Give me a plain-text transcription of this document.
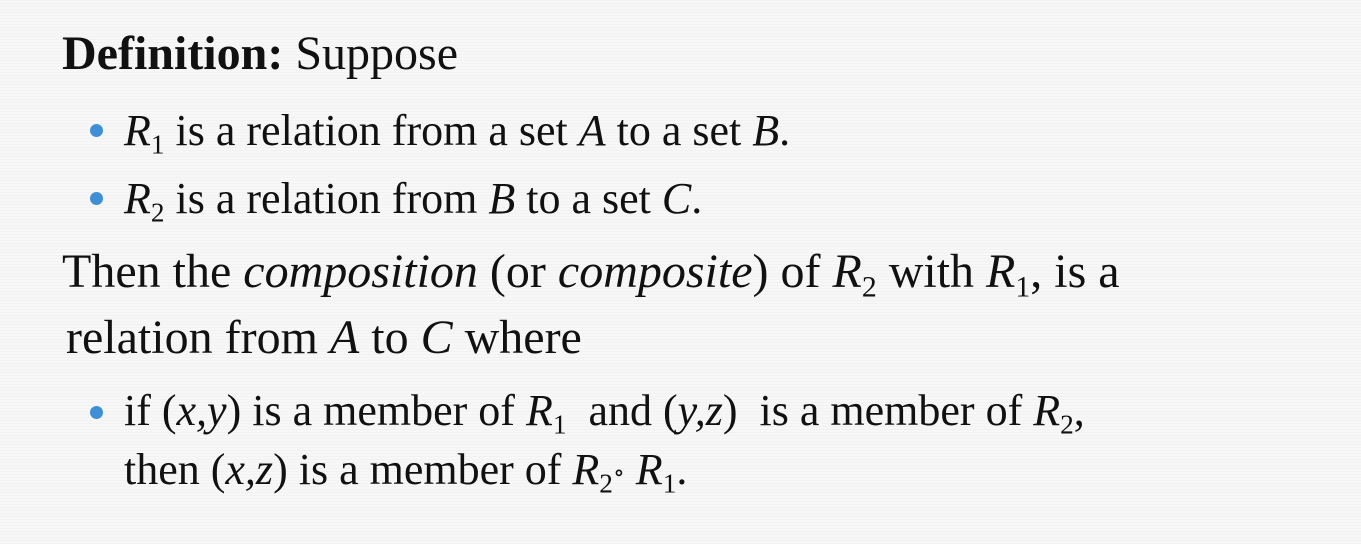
Definition: Suppose
$R_1$ is a relation from a set A to a set B.
$R_2$ is a relation from B to a set C.
Then the composition (or composite) of $R_2$ with $R_1$, is a
relation from A to C where
if (x,y) is a member of $R_1$  and (y,z)  is a member of $R_2$,
then (x,z) is a member of $R_2\circ$ $R_1$.
